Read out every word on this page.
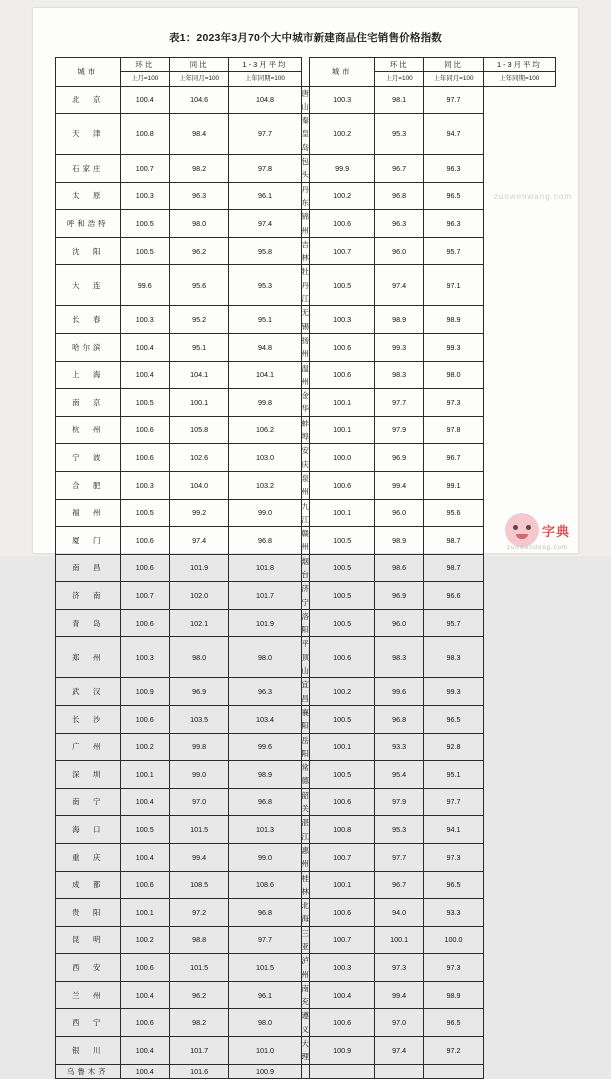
表1：2023年3月70个大中城市新建商品住宅销售价格指数
城市	环比	同比	1-3月平均		城市	环比	同比	1-3月平均
	上月=100	上年同月=100	上年同期=100			上月=100	上年同月=100	上年同期=100
北　京	100.4	104.6	104.8	唐　山	100.3	98.1	97.7	
天　津	100.8	98.4	97.7	秦皇岛	100.2	95.3	94.7	
石家庄	100.7	98.2	97.8	包　头	99.9	96.7	96.3	
太　原	100.3	96.3	96.1	丹　东	100.2	96.8	96.5	
呼和浩特	100.5	98.0	97.4	锦　州	100.6	96.3	96.3	
沈　阳	100.5	96.2	95.8	吉　林	100.7	96.0	95.7	
大　连	99.6	95.6	95.3	牡丹江	100.5	97.4	97.1	
长　春	100.3	95.2	95.1	无　锡	100.3	98.9	98.9	
哈尔滨	100.4	95.1	94.8	扬　州	100.6	99.3	99.3	
上　海	100.4	104.1	104.1	温　州	100.6	98.3	98.0	
南　京	100.5	100.1	99.8	金　华	100.1	97.7	97.3	
杭　州	100.6	105.8	106.2	蚌　埠	100.1	97.9	97.8	
宁　波	100.6	102.6	103.0	安　庆	100.0	96.9	96.7	
合　肥	100.3	104.0	103.2	泉　州	100.6	99.4	99.1	
福　州	100.5	99.2	99.0	九　江	100.1	96.0	95.6	
厦　门	100.6	97.4	96.8	赣　州	100.5	98.9	98.7	
南　昌	100.6	101.9	101.8	烟　台	100.5	98.6	98.7	
济　南	100.7	102.0	101.7	济　宁	100.5	96.9	96.6	
青　岛	100.6	102.1	101.9	洛　阳	100.5	96.0	95.7	
郑　州	100.3	98.0	98.0	平顶山	100.6	98.3	98.3	
武　汉	100.9	96.9	96.3	宜　昌	100.2	99.6	99.3	
长　沙	100.6	103.5	103.4	襄　阳	100.5	96.8	96.5	
广　州	100.2	99.8	99.6	岳　阳	100.1	93.3	92.8	
深　圳	100.1	99.0	98.9	常　德	100.5	95.4	95.1	
南　宁	100.4	97.0	96.8	韶　关	100.6	97.9	97.7	
海　口	100.5	101.5	101.3	湛　江	100.8	95.3	94.1	
重　庆	100.4	99.4	99.0	惠　州	100.7	97.7	97.3	
成　都	100.6	108.5	108.6	桂　林	100.1	96.7	96.5	
贵　阳	100.1	97.2	96.8	北　海	100.6	94.0	93.3	
昆　明	100.2	98.8	97.7	三　亚	100.7	100.1	100.0	
西　安	100.6	101.5	101.5	泸　州	100.3	97.3	97.3	
兰　州	100.4	96.2	96.1	南　充	100.4	99.4	98.9	
西　宁	100.6	98.2	98.0	遵　义	100.6	97.0	96.5	
银　川	100.4	101.7	101.0	大　理	100.9	97.4	97.2	
乌鲁木齐	100.4	101.6	100.9					
zuowenwang.com
字典
zuowendong.com
